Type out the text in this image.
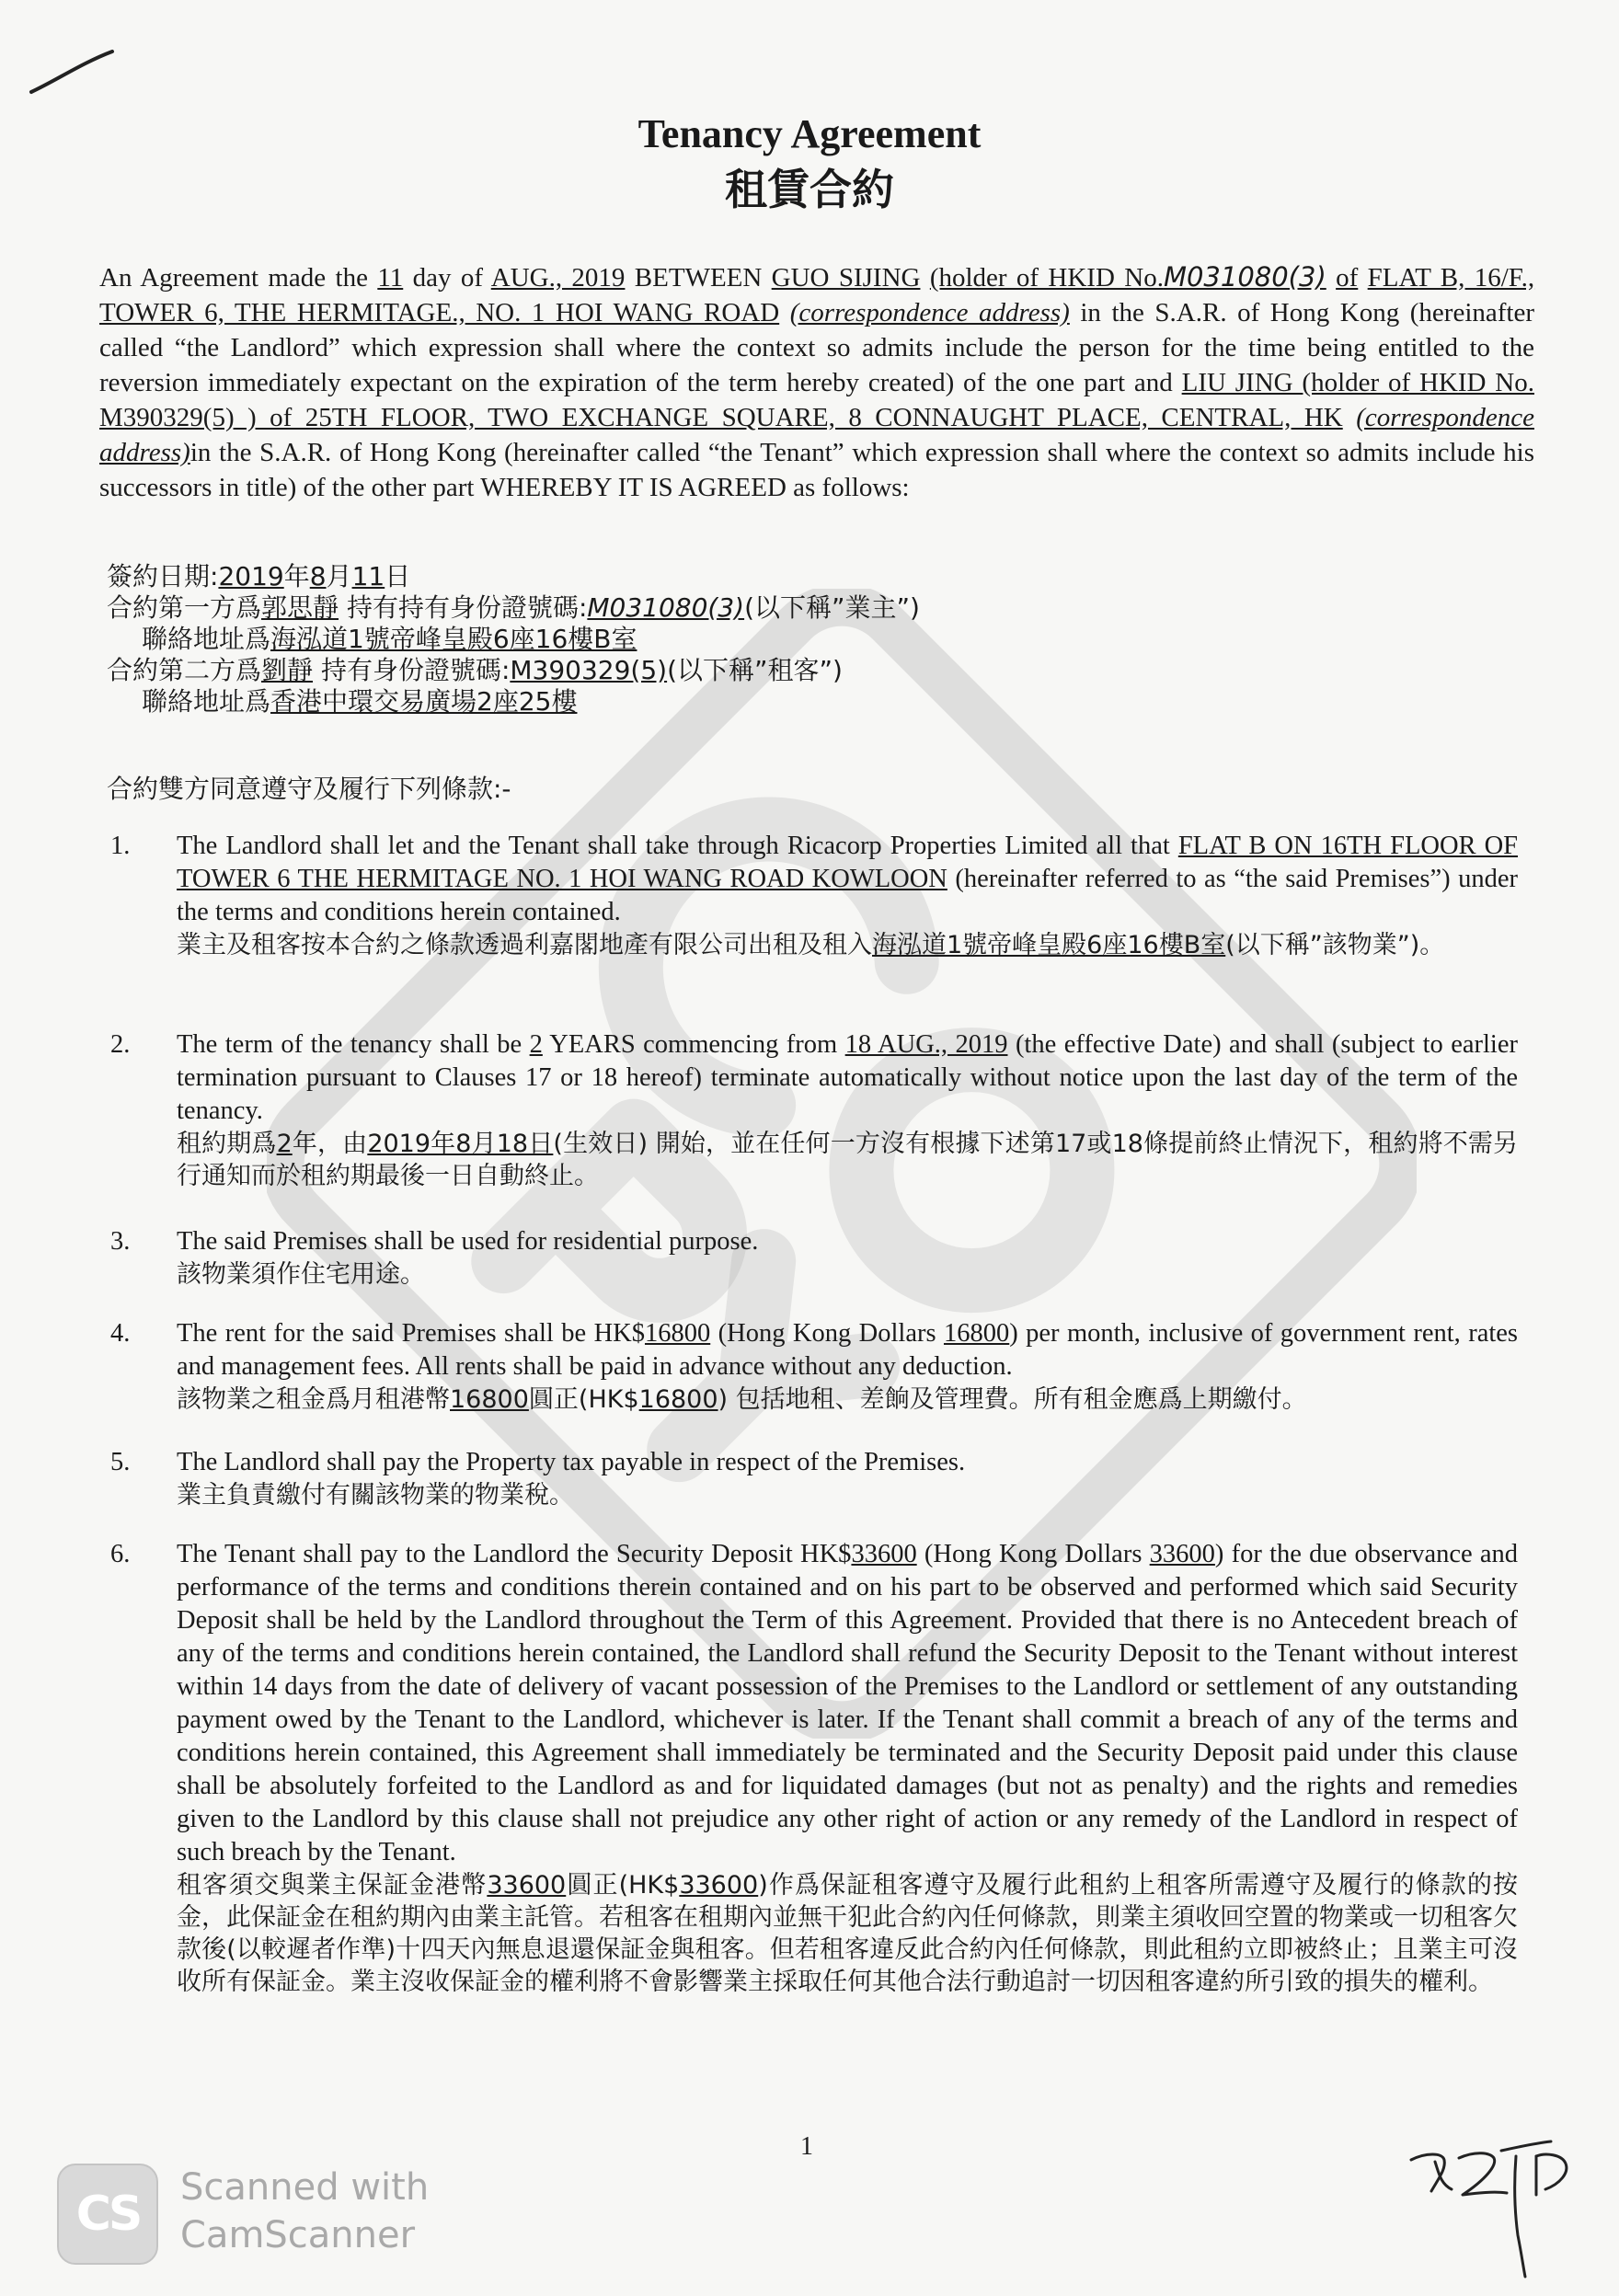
Tenancy Agreement
租賃合約
An Agreement made the 11 day of AUG., 2019 BETWEEN GUO SIJING (holder of HKID No.M031080(3) of FLAT B, 16/F., TOWER 6, THE HERMITAGE., NO. 1 HOI WANG ROAD (correspondence address) in the S.A.R. of Hong Kong (hereinafter called “the Landlord” which expression shall where the context so admits include the person for the time being entitled to the reversion immediately expectant on the expiration of the term hereby created) of the one part and LIU JING (holder of HKID No. M390329(5) ) of 25TH FLOOR, TWO EXCHANGE SQUARE, 8 CONNAUGHT PLACE, CENTRAL, HK (correspondence address)in the S.A.R. of Hong Kong (hereinafter called “the Tenant” which expression shall where the context so admits include his successors in title) of the other part WHEREBY IT IS AGREED as follows:
簽約日期:2019年8月11日
合約第一方爲郭思靜 持有持有身份證號碼:M031080(3)(以下稱”業主”)
聯絡地址爲海泓道1號帝峰皇殿6座16樓B室
合約第二方爲劉靜 持有身份證號碼:M390329(5)(以下稱”租客”)
聯絡地址爲香港中環交易廣場2座25樓
合約雙方同意遵守及履行下列條款:-
1.	The Landlord shall let and the Tenant shall take through Ricacorp Properties Limited all that FLAT B ON 16TH FLOOR OF TOWER 6 THE HERMITAGE NO. 1 HOI WANG ROAD KOWLOON (hereinafter referred to as “the said Premises”) under the terms and conditions herein contained.
業主及租客按本合約之條款透過利嘉閣地產有限公司出租及租入海泓道1號帝峰皇殿6座16樓B室(以下稱”該物業”)。
2.	The term of the tenancy shall be 2 YEARS commencing from 18 AUG., 2019 (the effective Date) and shall (subject to earlier termination pursuant to Clauses 17 or 18 hereof) terminate automatically without notice upon the last day of the term of the tenancy.
租約期爲2年，由2019年8月18日(生效日) 開始，並在任何一方沒有根據下述第17或18條提前終止情況下，租約將不需另行通知而於租約期最後一日自動終止。
3.	The said Premises shall be used for residential purpose.
該物業須作住宅用途。
4.	The rent for the said Premises shall be HK$16800 (Hong Kong Dollars 16800) per month, inclusive of government rent, rates and management fees. All rents shall be paid in advance without any deduction.
該物業之租金爲月租港幣16800圓正(HK$16800) 包括地租、差餉及管理費。所有租金應爲上期繳付。
5.	The Landlord shall pay the Property tax payable in respect of the Premises.
業主負責繳付有關該物業的物業稅。
6.	The Tenant shall pay to the Landlord the Security Deposit HK$33600 (Hong Kong Dollars 33600) for the due observance and performance of the terms and conditions therein contained and on his part to be observed and performed which said Security Deposit shall be held by the Landlord throughout the Term of this Agreement. Provided that there is no Antecedent breach of any of the terms and conditions herein contained, the Landlord shall refund the Security Deposit to the Tenant without interest within 14 days from the date of delivery of vacant possession of the Premises to the Landlord or settlement of any outstanding payment owed by the Tenant to the Landlord, whichever is later. If the Tenant shall commit a breach of any of the terms and conditions herein contained, this Agreement shall immediately be terminated and the Security Deposit paid under this clause shall be absolutely forfeited to the Landlord as and for liquidated damages (but not as penalty) and the rights and remedies given to the Landlord by this clause shall not prejudice any other right of action or any remedy of the Landlord in respect of such breach by the Tenant.
租客須交與業主保証金港幣33600圓正(HK$33600)作爲保証租客遵守及履行此租約上租客所需遵守及履行的條款的按金，此保証金在租約期內由業主託管。若租客在租期內並無干犯此合約內任何條款，則業主須收回空置的物業或一切租客欠款後(以較遲者作準)十四天內無息退還保証金與租客。但若租客違反此合約內任何條款，則此租約立即被終止；且業主可沒收所有保証金。業主沒收保証金的權利將不會影響業主採取任何其他合法行動追討一切因租客違約所引致的損失的權利。
1
CS	Scanned with
CamScanner
